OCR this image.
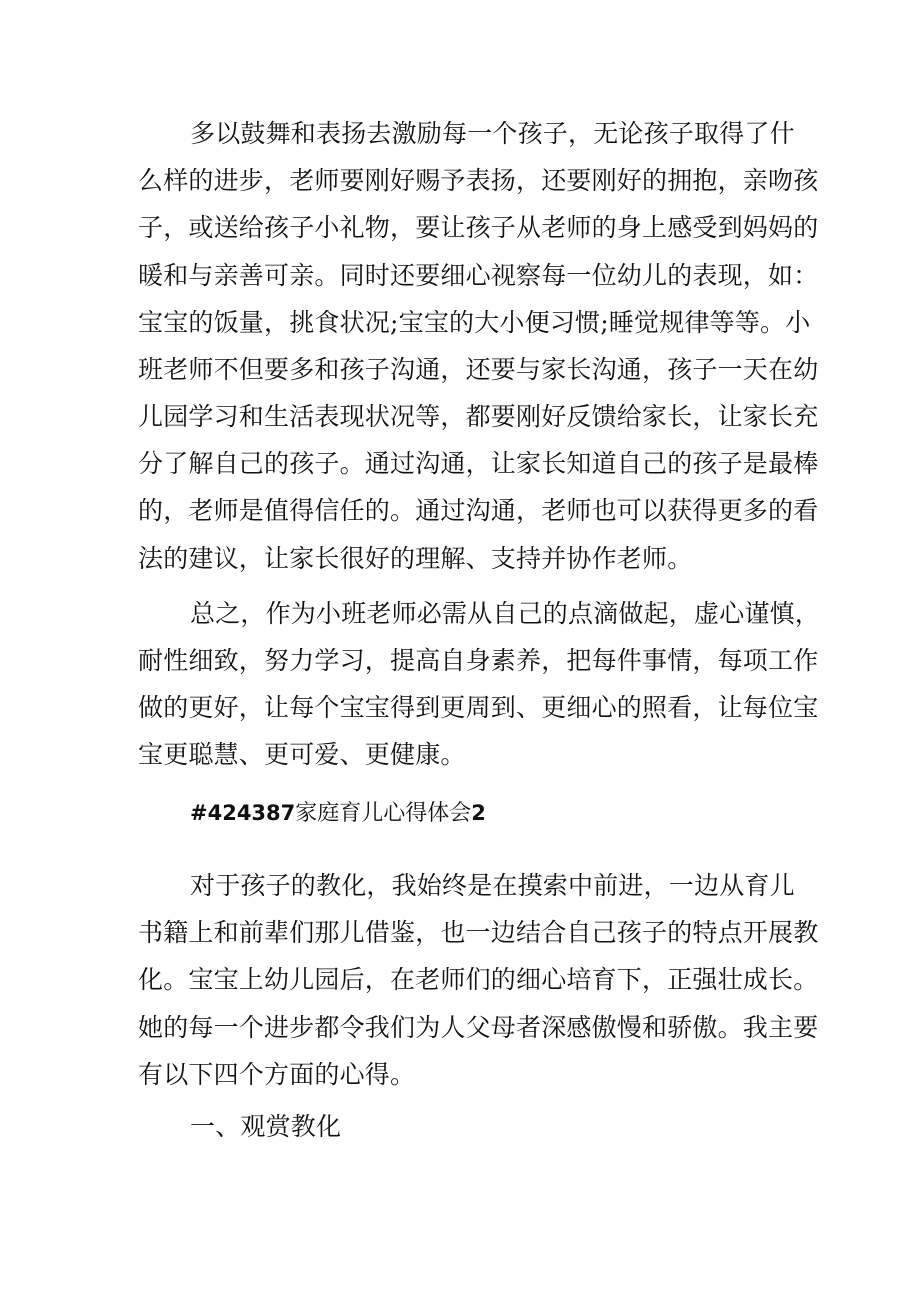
多以鼓舞和表扬去激励每一个孩子，无论孩子取得了什
么样的进步，老师要刚好赐予表扬，还要刚好的拥抱，亲吻孩
子，或送给孩子小礼物，要让孩子从老师的身上感受到妈妈的
暖和与亲善可亲。同时还要细心视察每一位幼儿的表现，如：
宝宝的饭量，挑食状况;宝宝的大小便习惯;睡觉规律等等。小
班老师不但要多和孩子沟通，还要与家长沟通，孩子一天在幼
儿园学习和生活表现状况等，都要刚好反馈给家长，让家长充
分了解自己的孩子。通过沟通，让家长知道自己的孩子是最棒
的，老师是值得信任的。通过沟通，老师也可以获得更多的看
法的建议，让家长很好的理解、支持并协作老师。
总之，作为小班老师必需从自己的点滴做起，虚心谨慎，
耐性细致，努力学习，提高自身素养，把每件事情，每项工作
做的更好，让每个宝宝得到更周到、更细心的照看，让每位宝
宝更聪慧、更可爱、更健康。
#424387家庭育儿心得体会2
对于孩子的教化，我始终是在摸索中前进，一边从育儿
书籍上和前辈们那儿借鉴，也一边结合自己孩子的特点开展教
化。宝宝上幼儿园后，在老师们的细心培育下，正强壮成长。
她的每一个进步都令我们为人父母者深感傲慢和骄傲。我主要
有以下四个方面的心得。
一、观赏教化
